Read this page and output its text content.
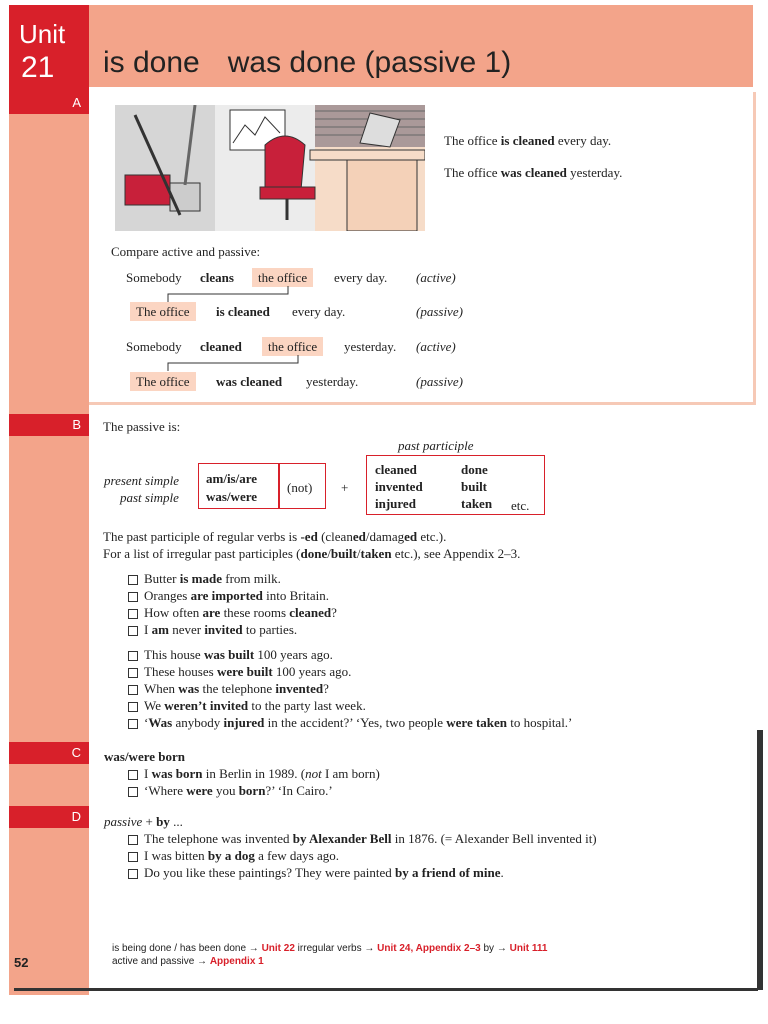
Unit
21 is done was done (passive 1)
A
The office is cleaned every day.
The office was cleaned yesterday.
Compare active and passive:
Somebody cleans	the office	every day. (active)
The office	is cleaned every day.	(passive)
Somebody cleaned	the office	yesterday. (active)
The office	was cleaned yesterday.	(passive)
B The passive is:
past participle
present simple
past simple
am/is/are
was/were
(not) +
cleaned	done
invented	built
injured	taken etc.
The past participle of regular verbs is -ed (cleaned/damaged etc.).
For a list of irregular past participles (done/built/taken etc.), see Appendix 2–3.
Butter is made from milk.
Oranges are imported into Britain.
How often are these rooms cleaned?
I am never invited to parties.
This house was built 100 years ago.
These houses were built 100 years ago.
When was the telephone invented?
We weren’t invited to the party last week.
‘Was anybody injured in the accident?’ ‘Yes, two people were taken to hospital.’
C was/were born
I was born in Berlin in 1989. (not I am born)
‘Where were you born?’ ‘In Cairo.’
D passive + by ...
The telephone was invented by Alexander Bell in 1876. (= Alexander Bell invented it)
I was bitten by a dog a few days ago.
Do you like these paintings? They were painted by a friend of mine.
52
is being done / has been done → Unit 22 irregular verbs → Unit 24, Appendix 2–3 by → Unit 111
active and passive → Appendix 1
